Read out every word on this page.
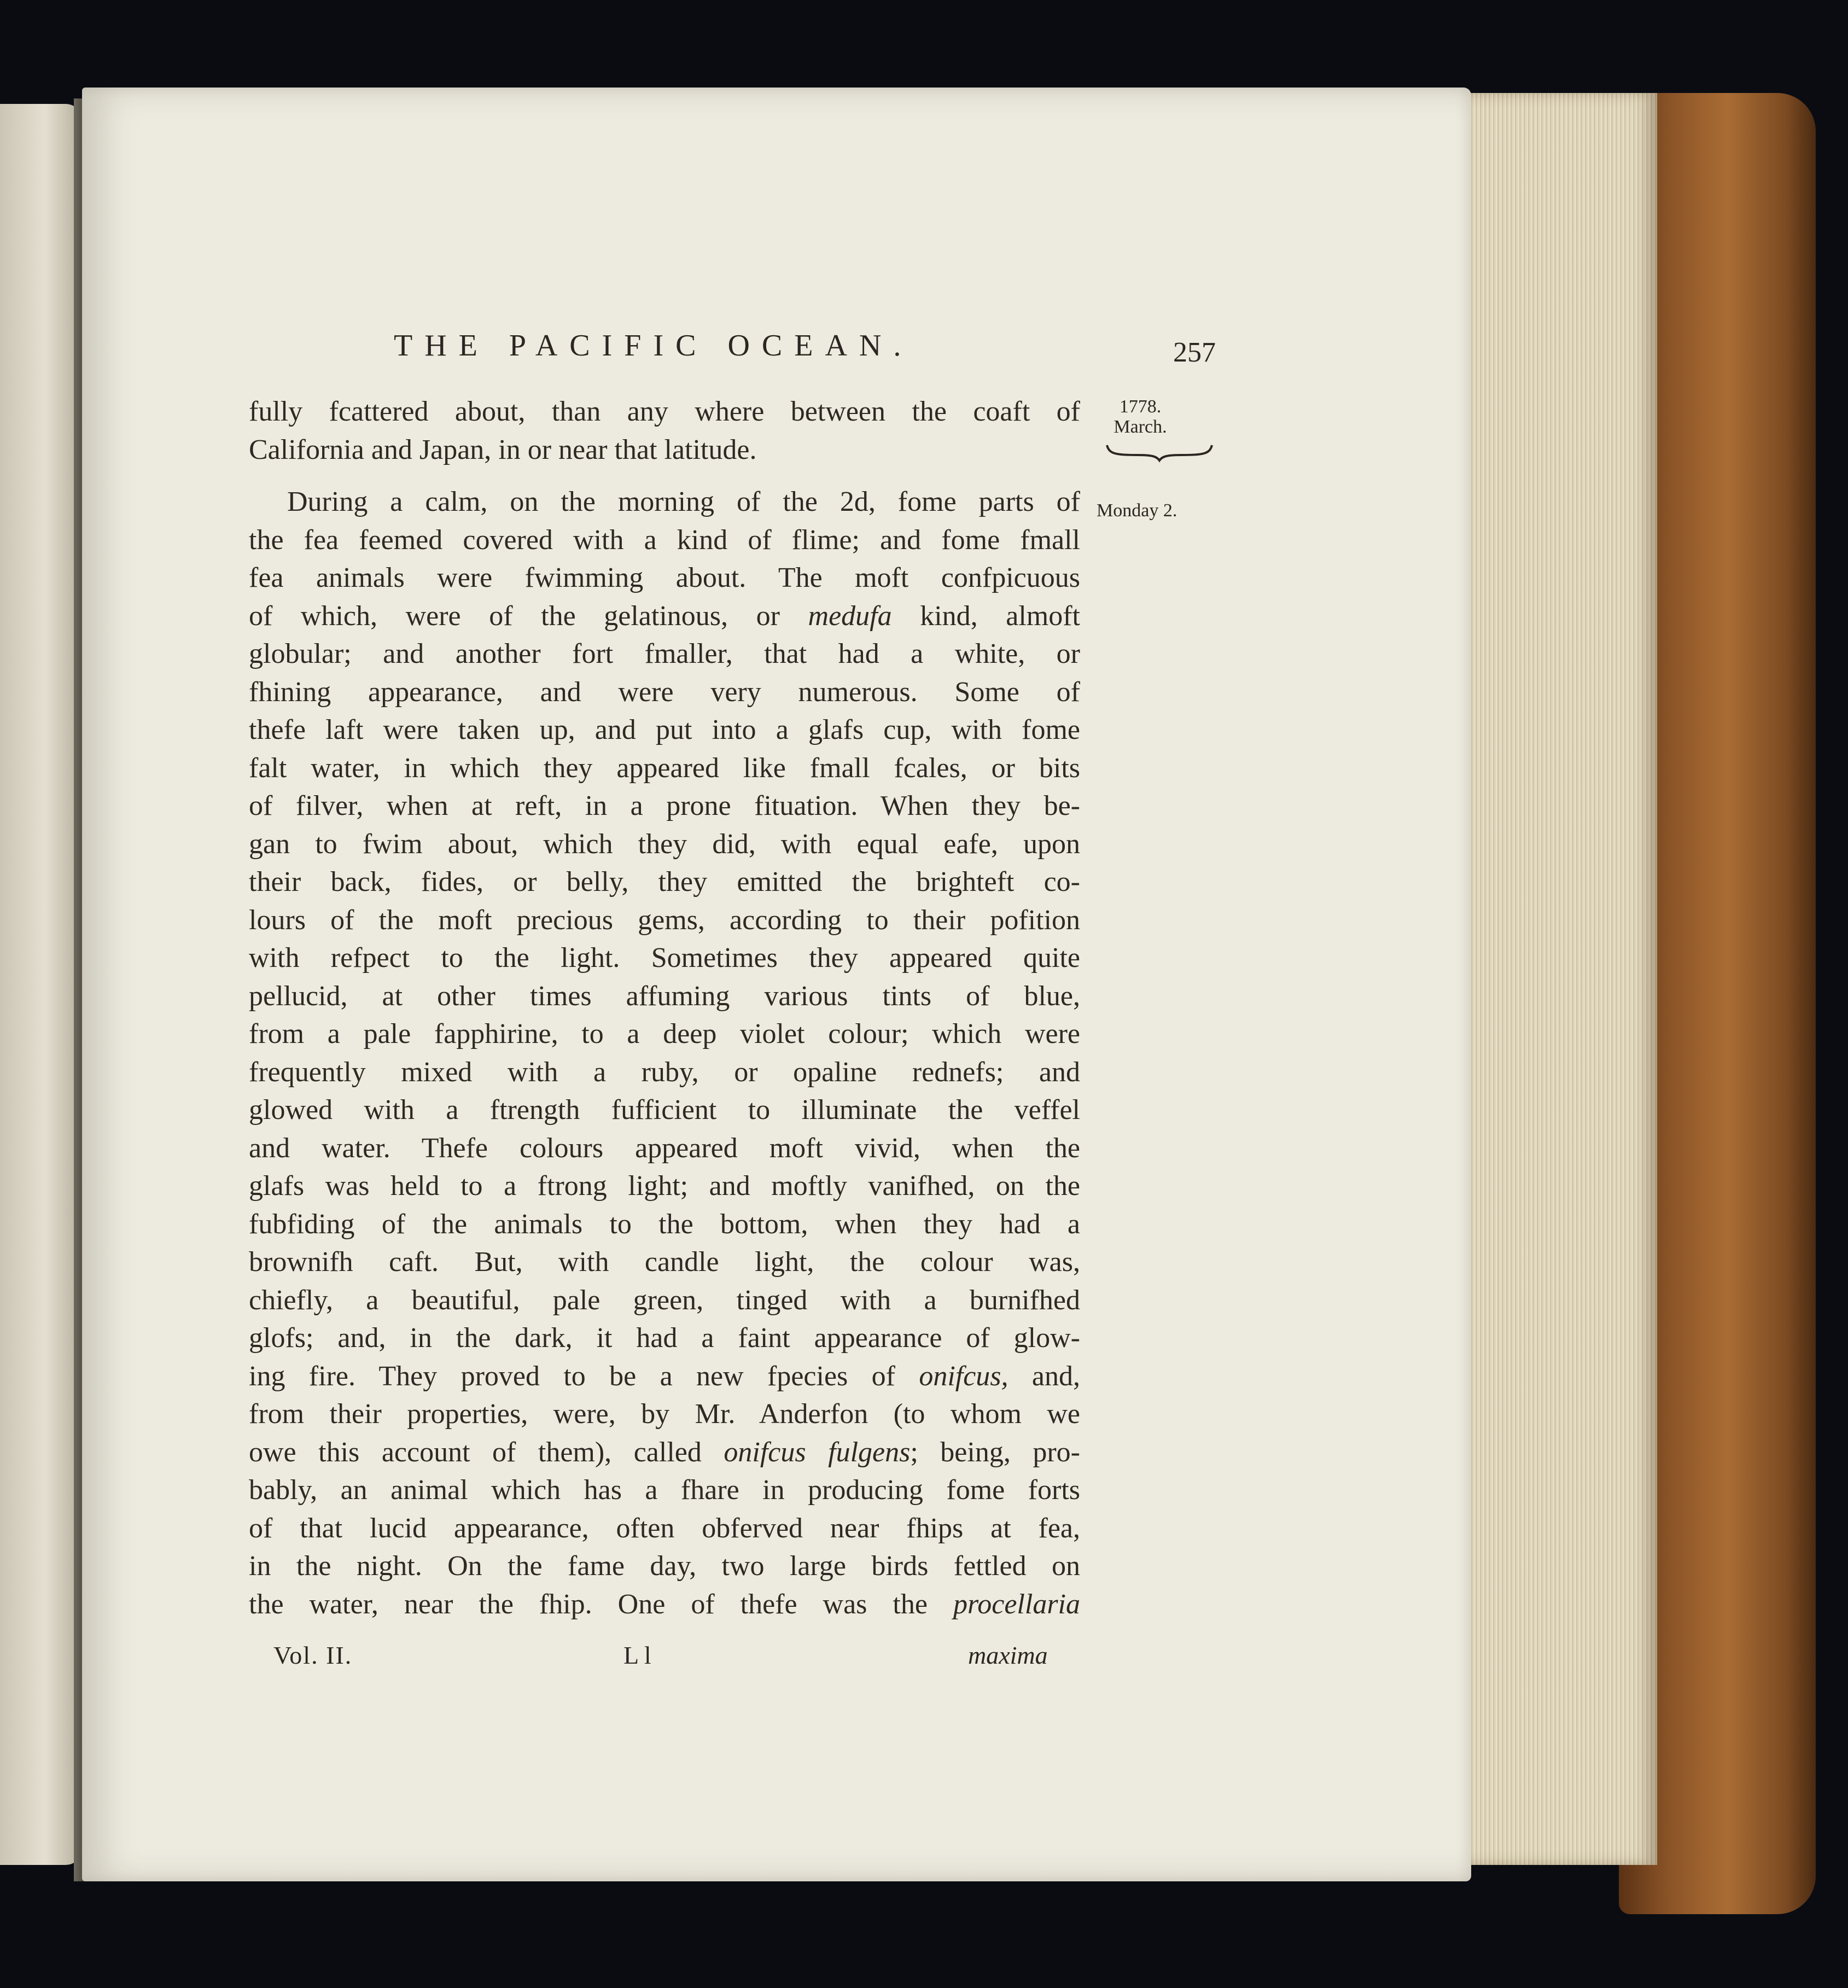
THE PACIFIC OCEAN.	257
1778.
March.
Monday 2.
fully fcattered about, than any where between the coaft of
California and Japan, in or near that latitude.
During a calm, on the morning of the 2d, fome parts of
the fea feemed covered with a kind of flime; and fome fmall
fea animals were fwimming about. The moft confpicuous
of which, were of the gelatinous, or medufa kind, almoft
globular; and another fort fmaller, that had a white, or
fhining appearance, and were very numerous. Some of
thefe laft were taken up, and put into a glafs cup, with fome
falt water, in which they appeared like fmall fcales, or bits
of filver, when at reft, in a prone fituation. When they be-
gan to fwim about, which they did, with equal eafe, upon
their back, fides, or belly, they emitted the brighteft co-
lours of the moft precious gems, according to their pofition
with refpect to the light. Sometimes they appeared quite
pellucid, at other times affuming various tints of blue,
from a pale fapphirine, to a deep violet colour; which were
frequently mixed with a ruby, or opaline rednefs; and
glowed with a ftrength fufficient to illuminate the veffel
and water. Thefe colours appeared moft vivid, when the
glafs was held to a ftrong light; and moftly vanifhed, on the
fubfiding of the animals to the bottom, when they had a
brownifh caft. But, with candle light, the colour was,
chiefly, a beautiful, pale green, tinged with a burnifhed
glofs; and, in the dark, it had a faint appearance of glow-
ing fire. They proved to be a new fpecies of onifcus, and,
from their properties, were, by Mr. Anderfon (to whom we
owe this account of them), called onifcus fulgens; being, pro-
bably, an animal which has a fhare in producing fome forts
of that lucid appearance, often obferved near fhips at fea,
in the night. On the fame day, two large birds fettled on
the water, near the fhip. One of thefe was the procellaria
Vol. II.	L l	maxima
